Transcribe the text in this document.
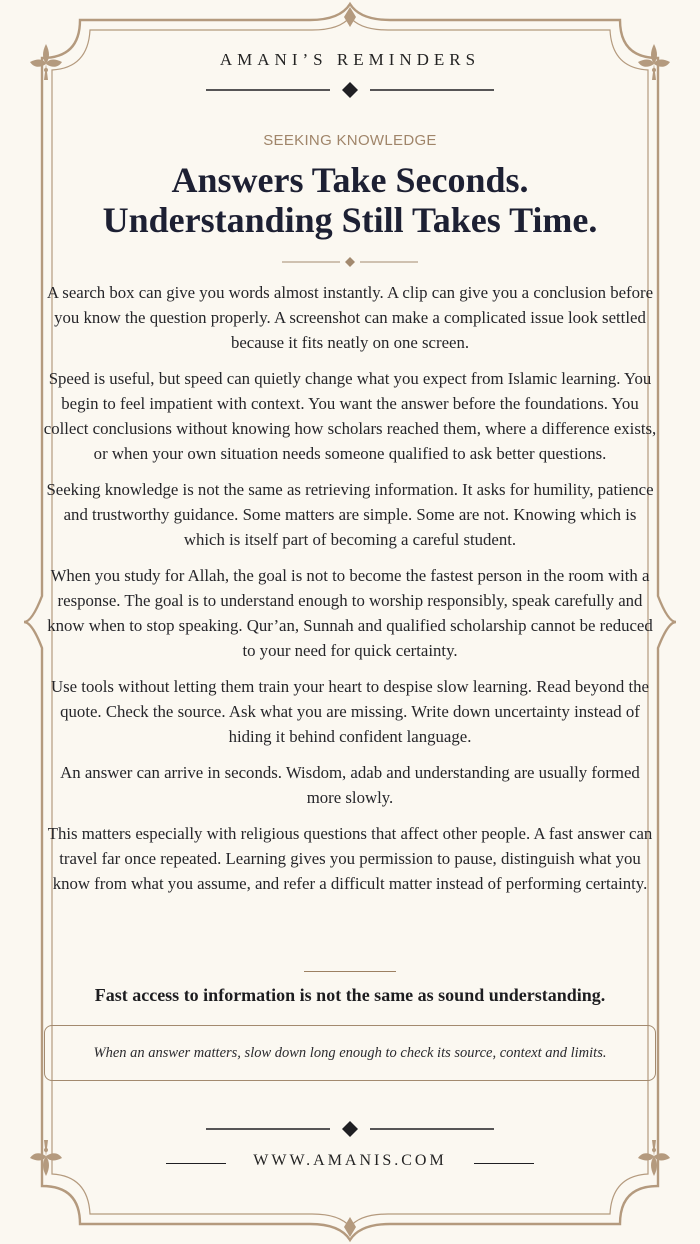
AMANI’S REMINDERS
SEEKING KNOWLEDGE
Answers Take Seconds.
Understanding Still Takes Time.

A search box can give you words almost instantly. A clip can give you a conclusion before you know the question properly. A screenshot can make a complicated issue look settled because it fits neatly on one screen.

Speed is useful, but speed can quietly change what you expect from Islamic learning. You begin to feel impatient with context. You want the answer before the foundations. You collect conclusions without knowing how scholars reached them, where a difference exists, or when your own situation needs someone qualified to ask better questions.

Seeking knowledge is not the same as retrieving information. It asks for humility, patience and trustworthy guidance. Some matters are simple. Some are not. Knowing which is which is itself part of becoming a careful student.

When you study for Allah, the goal is not to become the fastest person in the room with a response. The goal is to understand enough to worship responsibly, speak carefully and know when to stop speaking. Qur’an, Sunnah and qualified scholarship cannot be reduced to your need for quick certainty.

Use tools without letting them train your heart to despise slow learning. Read beyond the quote. Check the source. Ask what you are missing. Write down uncertainty instead of hiding it behind confident language.

An answer can arrive in seconds. Wisdom, adab and understanding are usually formed more slowly.

This matters especially with religious questions that affect other people. A fast answer can travel far once repeated. Learning gives you permission to pause, distinguish what you know from what you assume, and refer a difficult matter instead of performing certainty.

Fast access to information is not the same as sound understanding.
When an answer matters, slow down long enough to check its source, context and limits.
WWW.AMANIS.COM
